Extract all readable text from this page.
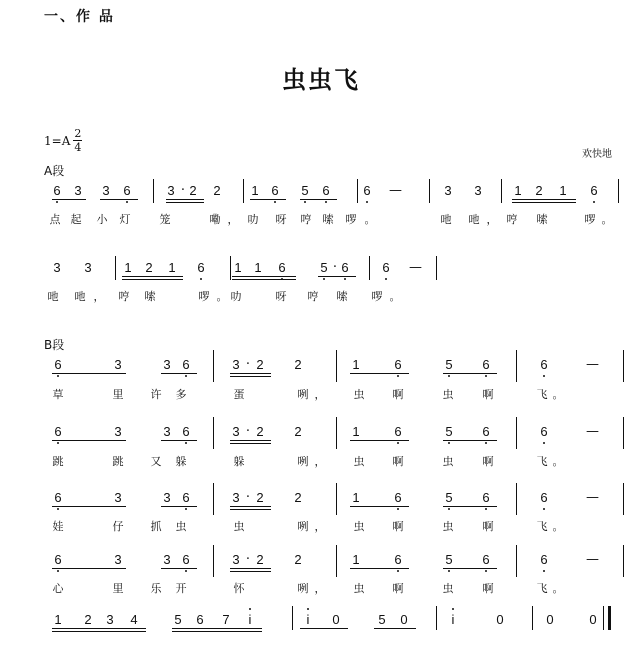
一、作 品
虫虫飞
$1=A \frac{2}{4}$
欢快地
A段
B段
6 3 3 6	3 · 2 2 1 6 5 6	6 —	3 3	1 2 1 6
点 起 小 灯	笼	嘞 ， 叻 呀 哼 嗦 啰 。	吔 吔 ， 哼 嗦	啰 。
3 3	1 2 1 6 1 1 6	5 · 6	6 —
吔 吔 ， 哼 嗦	啰 。 叻	呀 哼 嗦 啰 。
6	3	3 6	3 · 2 2	1	6	5 6	6	—
草	里 许 多	蛋	咧 ，	虫	啊	虫	啊	飞 。
6	3	3 6	3 · 2 2	1	6	5 6	6	—
跳	跳 又 躲	躲	咧 ，	虫	啊	虫	啊	飞 。
6	3	3 6	3 · 2 2	1	6	5 6	6	—
娃	仔 抓 虫	虫	咧 ，	虫	啊	虫	啊	飞 。
6	3	3 6	3 · 2 2	1	6	5 6	6	—
心	里 乐 开	怀	咧 ，	虫	啊	虫	啊	飞 。
1 2 3 4	5 6 7	i	i	0	5 0	i	0	0	0
